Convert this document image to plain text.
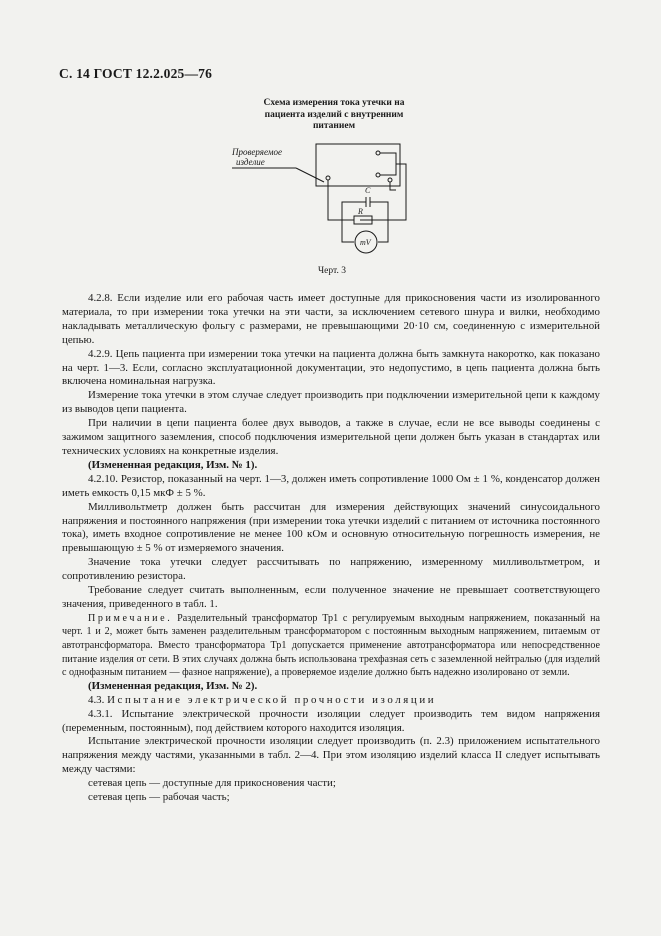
С. 14 ГОСТ 12.2.025—76
Схема измерения тока утечки на
пациента изделий с внутренним
питанием
Проверяемое
изделие
C
R
mV
Черт. 3

4.2.8. Если изделие или его рабочая часть имеет доступные для прикосновения части из изолированного материала, то при измерении тока утечки на эти части, за исключением сетевого шнура и вилки, необходимо накладывать металлическую фольгу с размерами, не превышающими 20·10 см, соединенную с измерительной цепью.

4.2.9. Цепь пациента при измерении тока утечки на пациента должна быть замкнута накоротко, как показано на черт. 1—3. Если, согласно эксплуатационной документации, это недопустимо, в цепь пациента должна быть включена номинальная нагрузка.

Измерение тока утечки в этом случае следует производить при подключении измерительной цепи к каждому из выводов цепи пациента.

При наличии в цепи пациента более двух выводов, а также в случае, если не все выводы соединены с зажимом защитного заземления, способ подключения измерительной цепи должен быть указан в стандартах или технических условиях на конкретные изделия.

(Измененная редакция, Изм. № 1).

4.2.10. Резистор, показанный на черт. 1—3, должен иметь сопротивление 1000 Ом ± 1 %, конденсатор должен иметь емкость 0,15 мкФ ± 5 %.

Милливольтметр должен быть рассчитан для измерения действующих значений синусоидального напряжения и постоянного напряжения (при измерении тока утечки изделий с питанием от источника постоянного тока), иметь входное сопротивление не менее 100 кОм и основную относительную погрешность измерения, не превышающую ± 5 % от измеряемого значения.

Значение тока утечки следует рассчитывать по напряжению, измеренному милливольтметром, и сопротивлению резистора.

Требование следует считать выполненным, если полученное значение не превышает соответствующего значения, приведенного в табл. 1.

Примечание. Разделительный трансформатор Тр1 с регулируемым выходным напряжением, показанный на черт. 1 и 2, может быть заменен разделительным трансформатором с постоянным выходным напряжением, питаемым от автотрансформатора. Вместо трансформатора Тр1 допускается применение автотрансформатора или непосредственное питание изделия от сети. В этих случаях должна быть использована трехфазная сеть с заземленной нейтралью (для изделий с однофазным питанием — фазное напряжение), а проверяемое изделие должно быть надежно изолировано от земли.

(Измененная редакция, Изм. № 2).

4.3. Испытание электрической прочности изоляции

4.3.1. Испытание электрической прочности изоляции следует производить тем видом напряжения (переменным, постоянным), под действием которого находится изоляция.

Испытание электрической прочности изоляции следует производить (п. 2.3) приложением испытательного напряжения между частями, указанными в табл. 2—4. При этом изоляцию изделий класса II следует испытывать между частями:

сетевая цепь — доступные для прикосновения части;

сетевая цепь — рабочая часть;
